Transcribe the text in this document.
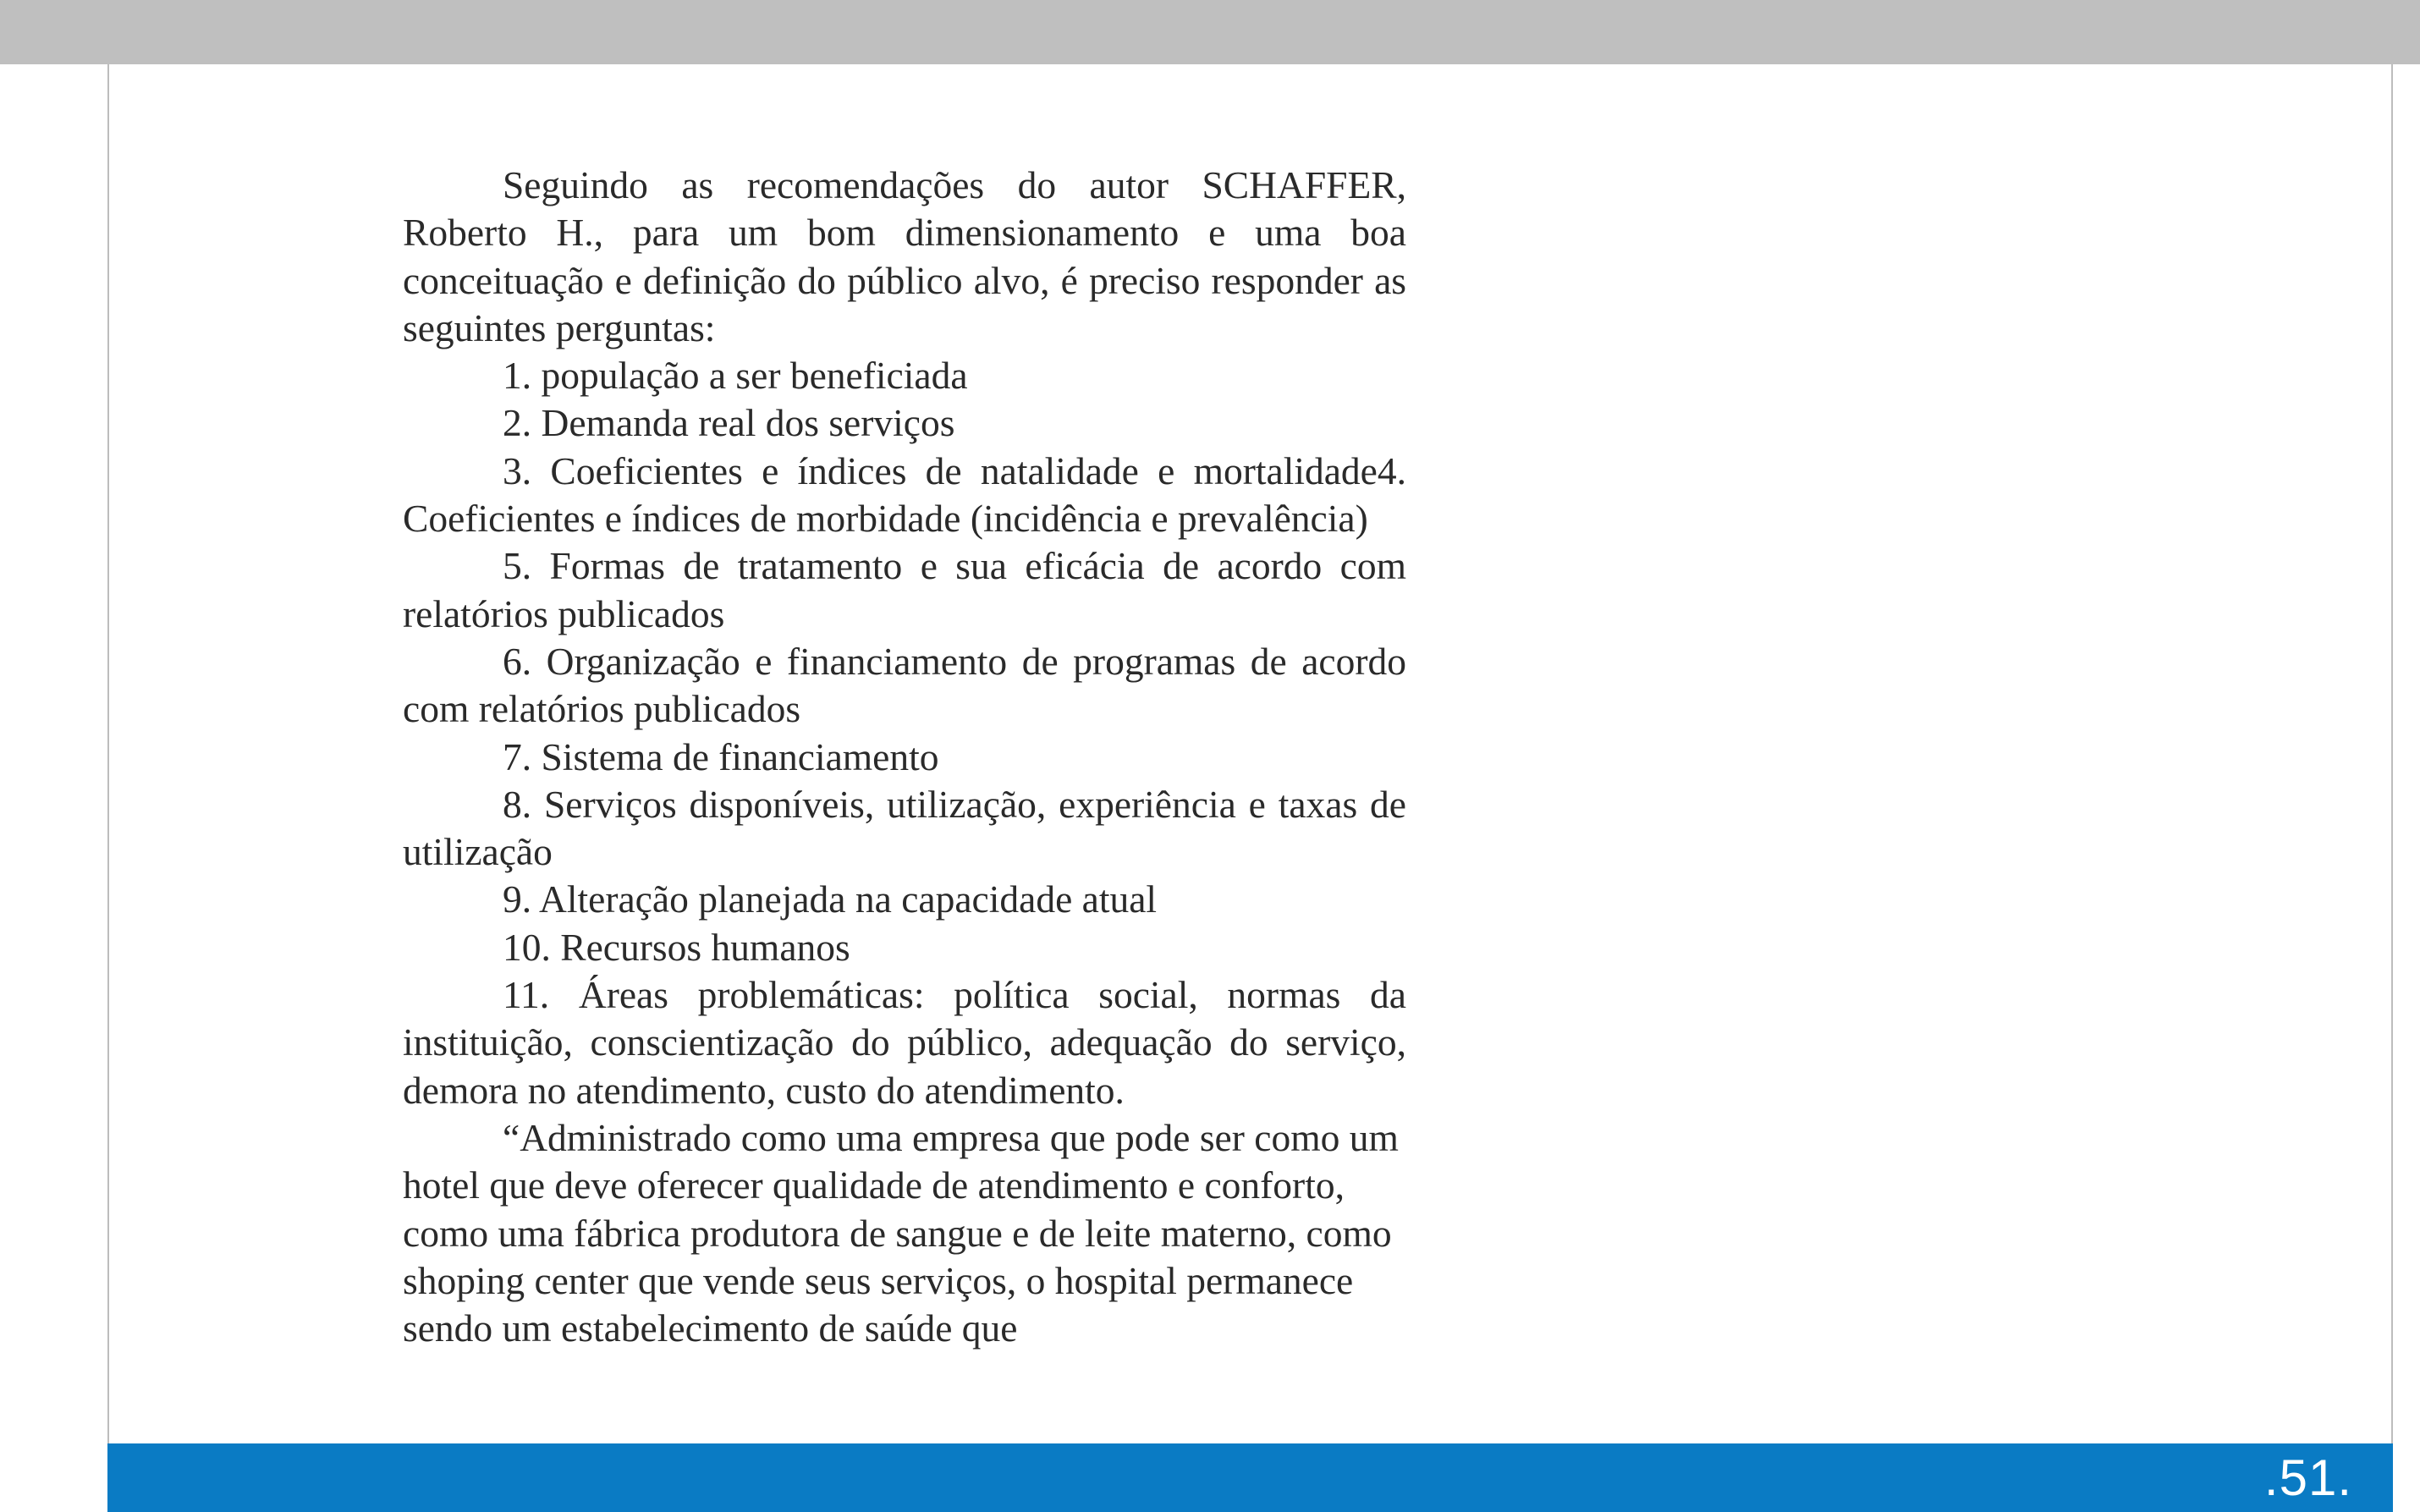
Seguindo as recomendações do autor SCHAFFER, Roberto H., para um bom dimensionamento e uma boa conceituação e definição do público alvo, é preciso responder as seguintes perguntas:

1. população a ser beneficiada

2. Demanda real dos serviços

3. Coeficientes e índices de natalidade e mortalidade4. Coeficientes e índices de morbidade (incidência e prevalência)

5. Formas de tratamento e sua eficácia de acordo com relatórios publicados

6. Organização e financiamento de programas de acordo com relatórios publicados

7. Sistema de financiamento

8. Serviços disponíveis, utilização, experiência e taxas de utilização

9. Alteração planejada na capacidade atual

10. Recursos humanos

11. Áreas problemáticas: política social, normas da instituição, conscientização do público, adequação do serviço, demora no atendimento, custo do atendimento.

“Administrado como uma empresa que pode ser como um hotel que deve oferecer qualidade de atendimento e conforto, como uma fábrica produtora de sangue e de leite materno, como shoping center que vende seus serviços, o hospital permanece sendo um estabelecimento de saúde que

.51.
